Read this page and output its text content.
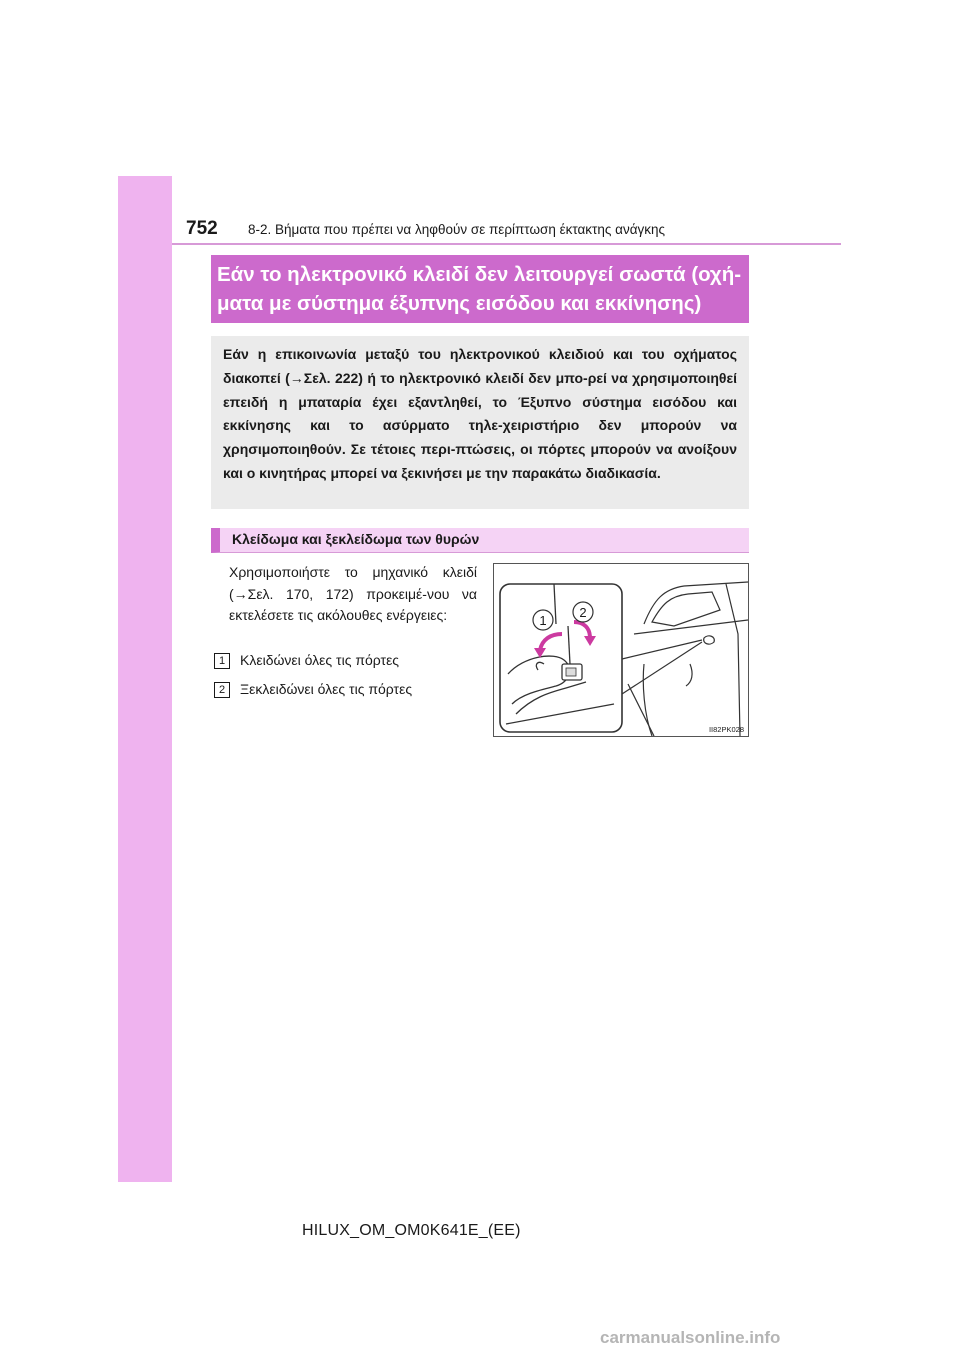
752 8-2. Βήματα που πρέπει να ληφθούν σε περίπτωση έκτακτης ανάγκης
Εάν το ηλεκτρονικό κλειδί δεν λειτουργεί σωστά (οχή-ματα με σύστημα έξυπνης εισόδου και εκκίνησης)

Εάν η επικοινωνία μεταξύ του ηλεκτρονικού κλειδιού και του οχήματος διακοπεί (→Σελ. 222) ή το ηλεκτρονικό κλειδί δεν μπο-ρεί να χρησιμοποιηθεί επειδή η μπαταρία έχει εξαντληθεί, το Έξυπνο σύστημα εισόδου και εκκίνησης και το ασύρματο τηλε-χειριστήριο δεν μπορούν να χρησιμοποιηθούν. Σε τέτοιες περι-πτώσεις, οι πόρτες μπορούν να ανοίξουν και ο κινητήρας μπορεί να ξεκινήσει με την παρακάτω διαδικασία.

Κλείδωμα και ξεκλείδωμα των θυρών

Χρησιμοποιήστε το μηχανικό κλειδί (→Σελ. 170, 172) προκειμέ-νου να εκτελέσετε τις ακόλουθες ενέργειες:

1 Κλειδώνει όλες τις πόρτες
2 Ξεκλειδώνει όλες τις πόρτες
1
2
II82PK028
HILUX_OM_OM0K641E_(EE)
carmanualsonline.info
